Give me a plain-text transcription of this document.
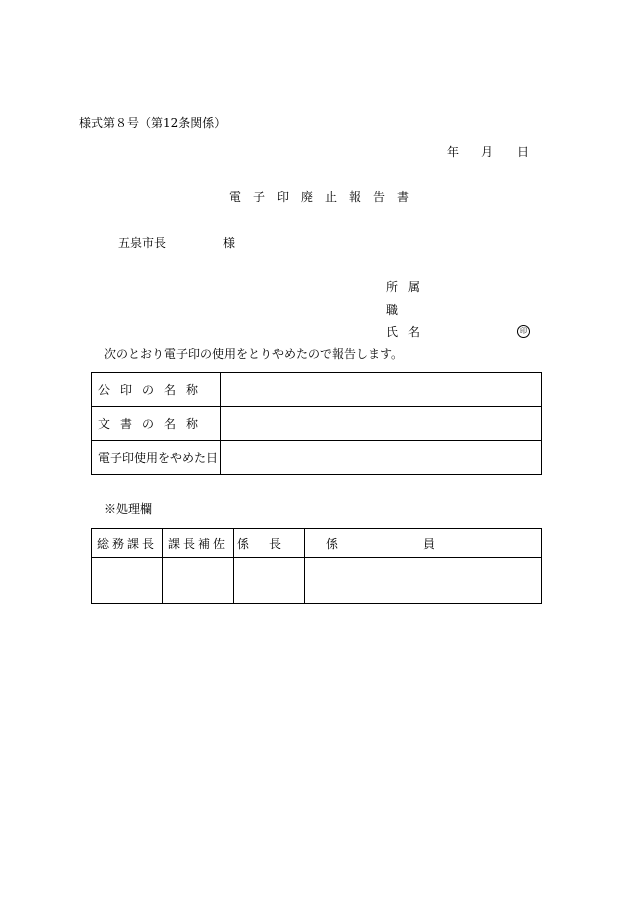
様式第８号（第12条関係）
年 月 日
電子印廃止報告書
五泉市長	様
所属
職
氏名	印
次のとおり電子印の使用をとりやめたので報告します。
公印の名称	
文書の名称	
電子印使用をやめた日	
※処理欄
総務課長	課長補佐	係長	係員
